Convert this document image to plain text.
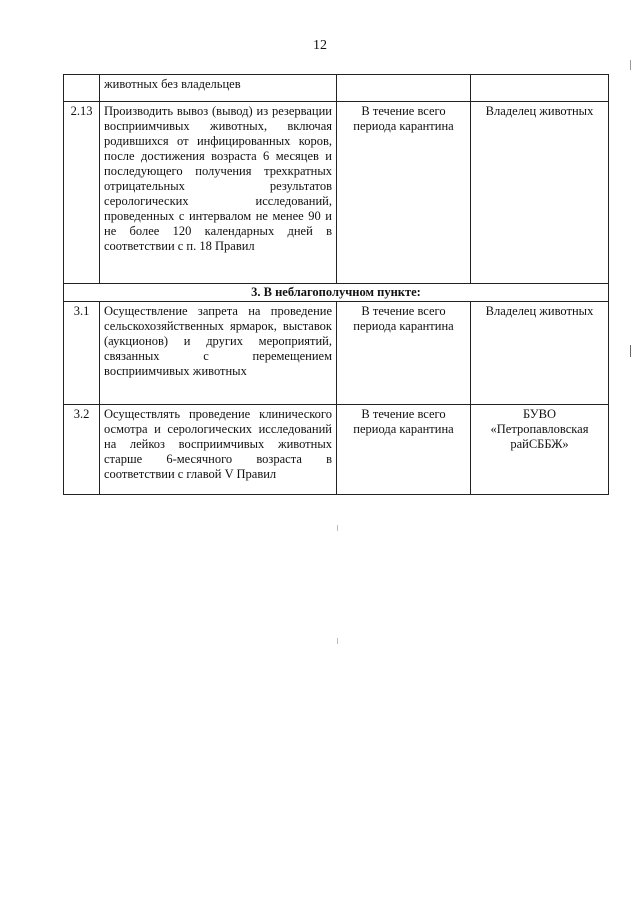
12
	животных без владельцев		
2.13	Производить вывоз (вывод) из резервации восприимчивых животных, включая родившихся от инфицированных коров, после достижения возраста 6 месяцев и последующего получения трехкратных отрицательных результатов серологических исследований, проведенных с интервалом не менее 90 и не более 120 календарных дней в соответствии с п. 18 Правил	В течение всего периода карантина	Владелец животных
3. В неблагополучном пункте:			
3.1	Осуществление запрета на проведение сельскохозяйственных ярмарок, выставок (аукционов) и других мероприятий, связанных с перемещением восприимчивых животных	В течение всего периода карантина	Владелец животных
3.2	Осуществлять проведение клинического осмотра и серологических исследований на лейкоз восприимчивых животных старше 6-месячного возраста в соответствии с главой V Правил	В течение всего периода карантина	БУВО «Петропавловская райСББЖ»
